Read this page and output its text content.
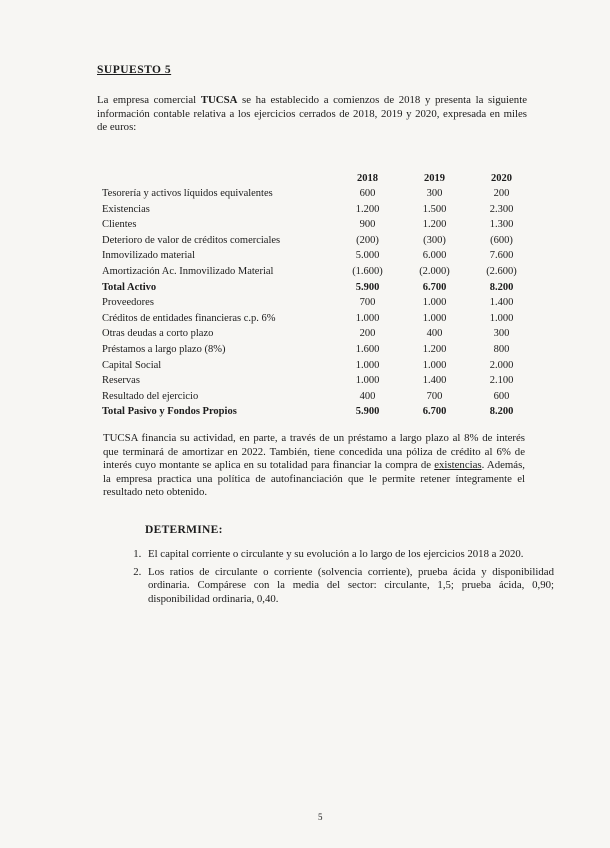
SUPUESTO 5
La empresa comercial TUCSA se ha establecido a comienzos de 2018 y presenta la siguiente información contable relativa a los ejercicios cerrados de 2018, 2019 y 2020, expresada en miles de euros:
	2018	2019	2020
Tesorería y activos líquidos equivalentes	600	300	200
Existencias	1.200	1.500	2.300
Clientes	900	1.200	1.300
Deterioro de valor de créditos comerciales	(200)	(300)	(600)
Inmovilizado material	5.000	6.000	7.600
Amortización Ac. Inmovilizado Material	(1.600)	(2.000)	(2.600)
Total Activo	5.900	6.700	8.200
Proveedores	700	1.000	1.400
Créditos de entidades financieras c.p. 6%	1.000	1.000	1.000
Otras deudas a corto plazo	200	400	300
Préstamos a largo plazo (8%)	1.600	1.200	800
Capital Social	1.000	1.000	2.000
Reservas	1.000	1.400	2.100
Resultado del ejercicio	400	700	600
Total Pasivo y Fondos Propios	5.900	6.700	8.200
TUCSA financia su actividad, en parte, a través de un préstamo a largo plazo al 8% de interés que terminará de amortizar en 2022. También, tiene concedida una póliza de crédito al 6% de interés cuyo montante se aplica en su totalidad para financiar la compra de existencias. Además, la empresa practica una política de autofinanciación que le permite retener íntegramente el resultado neto obtenido.
DETERMINE:
1. El capital corriente o circulante y su evolución a lo largo de los ejercicios 2018 a 2020.
2. Los ratios de circulante o corriente (solvencia corriente), prueba ácida y disponibilidad ordinaria. Compárese con la media del sector: circulante, 1,5; prueba ácida, 0,90; disponibilidad ordinaria, 0,40.
5
